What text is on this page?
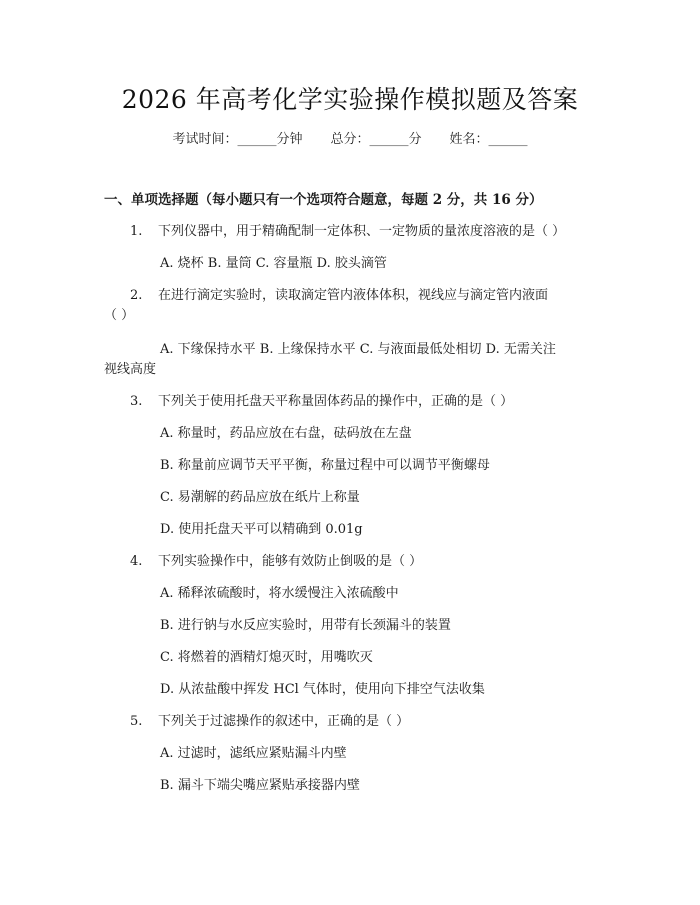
2026 年高考化学实验操作模拟题及答案
考试时间：______分钟 总分：______分 姓名：______
一、单项选择题（每小题只有一个选项符合题意，每题 2 分，共 16 分）
1. 下列仪器中，用于精确配制一定体积、一定物质的量浓度溶液的是（ ）
A. 烧杯 B. 量筒 C. 容量瓶 D. 胶头滴管
2. 在进行滴定实验时，读取滴定管内液体体积，视线应与滴定管内液面
（ ）
A. 下缘保持水平 B. 上缘保持水平 C. 与液面最低处相切 D. 无需关注
视线高度
3. 下列关于使用托盘天平称量固体药品的操作中，正确的是（ ）
A. 称量时，药品应放在右盘，砝码放在左盘
B. 称量前应调节天平平衡，称量过程中可以调节平衡螺母
C. 易潮解的药品应放在纸片上称量
D. 使用托盘天平可以精确到 0.01g
4. 下列实验操作中，能够有效防止倒吸的是（ ）
A. 稀释浓硫酸时，将水缓慢注入浓硫酸中
B. 进行钠与水反应实验时，用带有长颈漏斗的装置
C. 将燃着的酒精灯熄灭时，用嘴吹灭
D. 从浓盐酸中挥发 HCl 气体时，使用向下排空气法收集
5. 下列关于过滤操作的叙述中，正确的是（ ）
A. 过滤时，滤纸应紧贴漏斗内壁
B. 漏斗下端尖嘴应紧贴承接器内壁
